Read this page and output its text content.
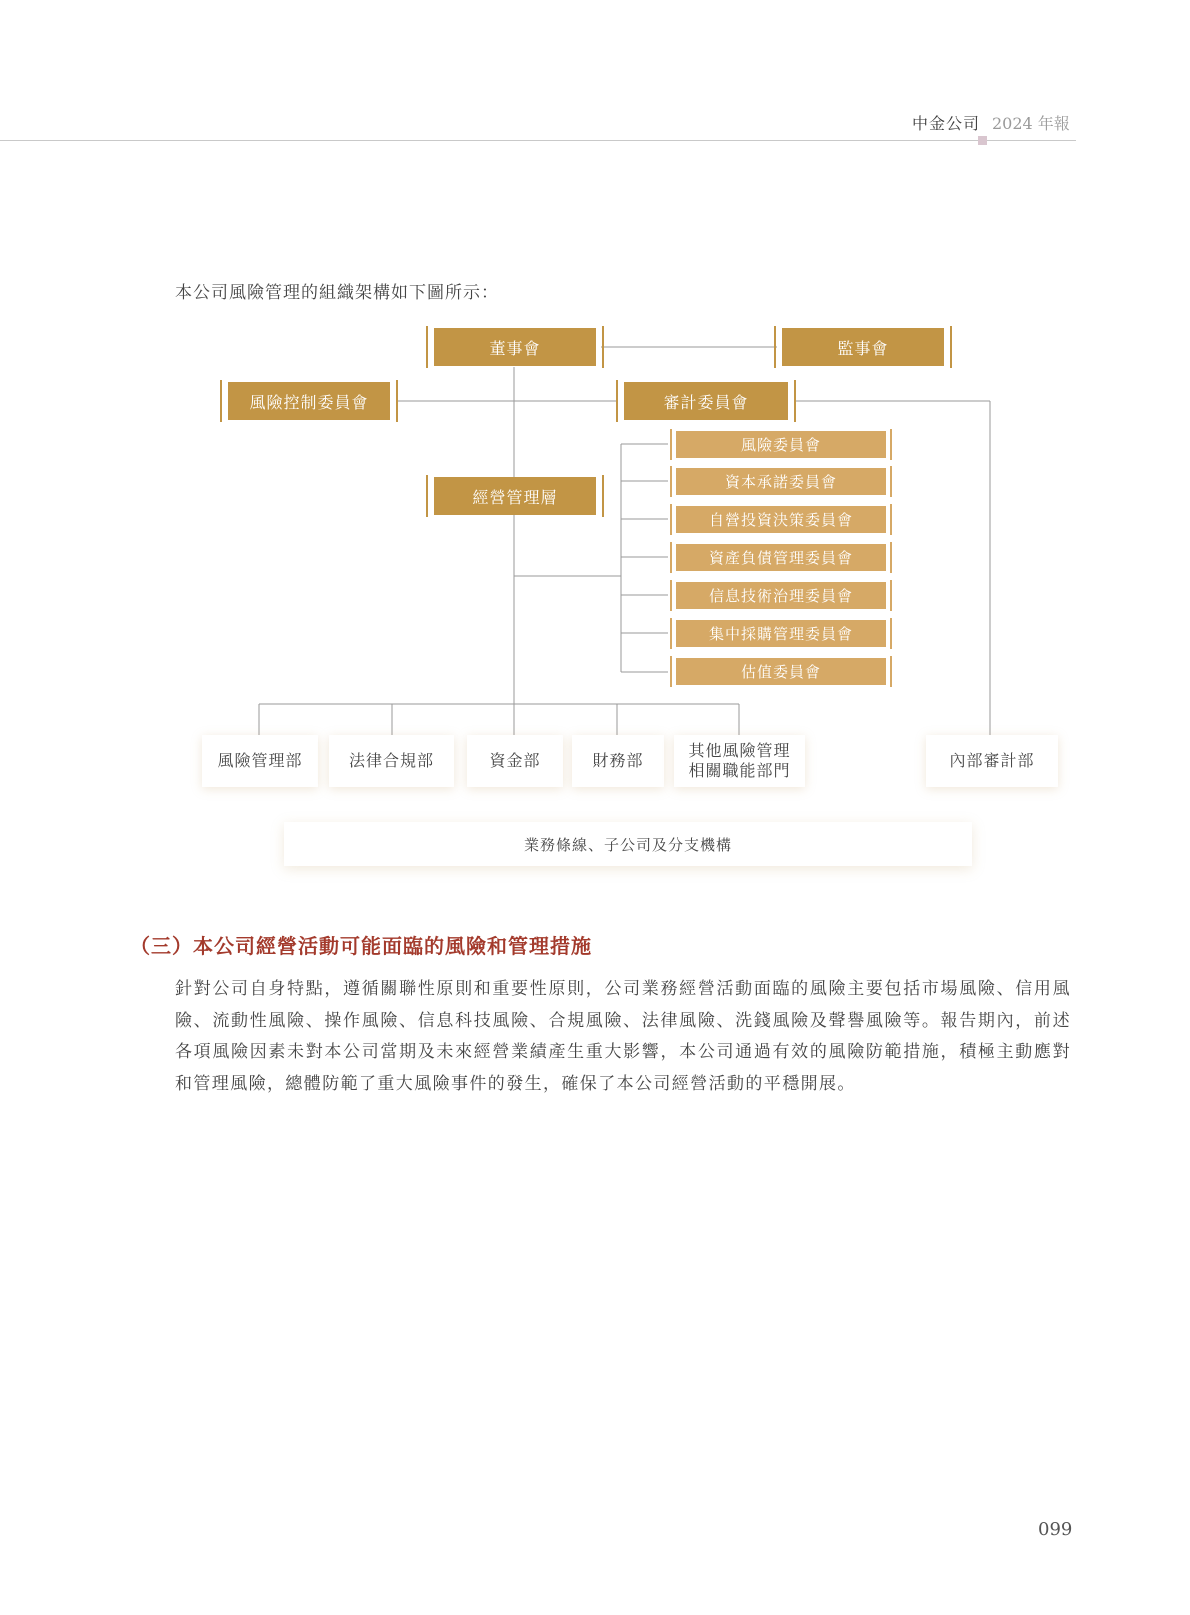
中金公司 2024 年報
本公司風險管理的組織架構如下圖所示：
董事會	監事會
風險控制委員會	審計委員會
經營管理層
風險委員會
資本承諾委員會
自營投資決策委員會
資產負債管理委員會
信息技術治理委員會
集中採購管理委員會
估值委員會
風險管理部	法律合規部	資金部	財務部
其他風險管理
相關職能部門
內部審計部
業務條線、子公司及分支機構
（三）本公司經營活動可能面臨的風險和管理措施
針對公司自身特點，遵循關聯性原則和重要性原則，公司業務經營活動面臨的風險主要包括市場風險、信用風險、流動性風險、操作風險、信息科技風險、合規風險、法律風險、洗錢風險及聲譽風險等。報告期內，前述各項風險因素未對本公司當期及未來經營業績產生重大影響，本公司通過有效的風險防範措施，積極主動應對和管理風險，總體防範了重大風險事件的發生，確保了本公司經營活動的平穩開展。
099
